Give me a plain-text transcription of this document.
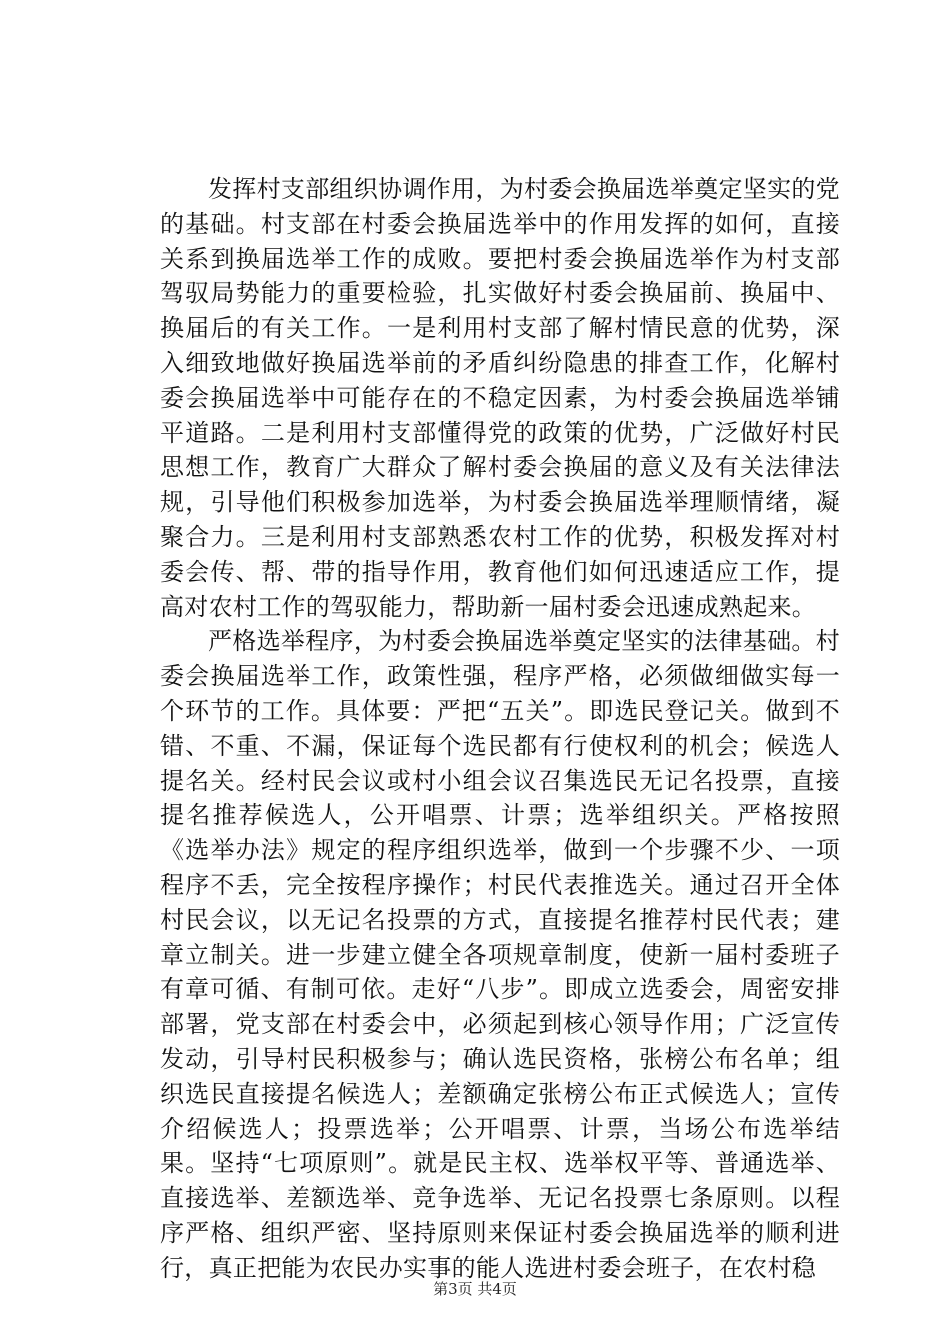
发挥村支部组织协调作用，为村委会换届选举奠定坚实的党的基础。村支部在村委会换届选举中的作用发挥的如何，直接关系到换届选举工作的成败。要把村委会换届选举作为村支部驾驭局势能力的重要检验，扎实做好村委会换届前、换届中、换届后的有关工作。一是利用村支部了解村情民意的优势，深入细致地做好换届选举前的矛盾纠纷隐患的排查工作，化解村委会换届选举中可能存在的不稳定因素，为村委会换届选举铺平道路。二是利用村支部懂得党的政策的优势，广泛做好村民思想工作，教育广大群众了解村委会换届的意义及有关法律法规，引导他们积极参加选举，为村委会换届选举理顺情绪，凝聚合力。三是利用村支部熟悉农村工作的优势，积极发挥对村委会传、帮、带的指导作用，教育他们如何迅速适应工作，提高对农村工作的驾驭能力，帮助新一届村委会迅速成熟起来。

严格选举程序，为村委会换届选举奠定坚实的法律基础。村委会换届选举工作，政策性强，程序严格，必须做细做实每一个环节的工作。具体要：严把“五关”。即选民登记关。做到不错、不重、不漏，保证每个选民都有行使权利的机会；候选人提名关。经村民会议或村小组会议召集选民无记名投票，直接提名推荐候选人，公开唱票、计票；选举组织关。严格按照《选举办法》规定的程序组织选举，做到一个步骤不少、一项程序不丢，完全按程序操作；村民代表推选关。通过召开全体村民会议，以无记名投票的方式，直接提名推荐村民代表；建章立制关。进一步建立健全各项规章制度，使新一届村委班子有章可循、有制可依。走好“八步”。即成立选委会，周密安排部署，党支部在村委会中，必须起到核心领导作用；广泛宣传发动，引导村民积极参与；确认选民资格，张榜公布名单；组织选民直接提名候选人；差额确定张榜公布正式候选人；宣传介绍候选人；投票选举；公开唱票、计票，当场公布选举结果。坚持“七项原则”。就是民主权、选举权平等、普通选举、直接选举、差额选举、竞争选举、无记名投票七条原则。以程序严格、组织严密、坚持原则来保证村委会换届选举的顺利进行，真正把能为农民办实事的能人选进村委会班子，在农村稳

第3页 共4页
